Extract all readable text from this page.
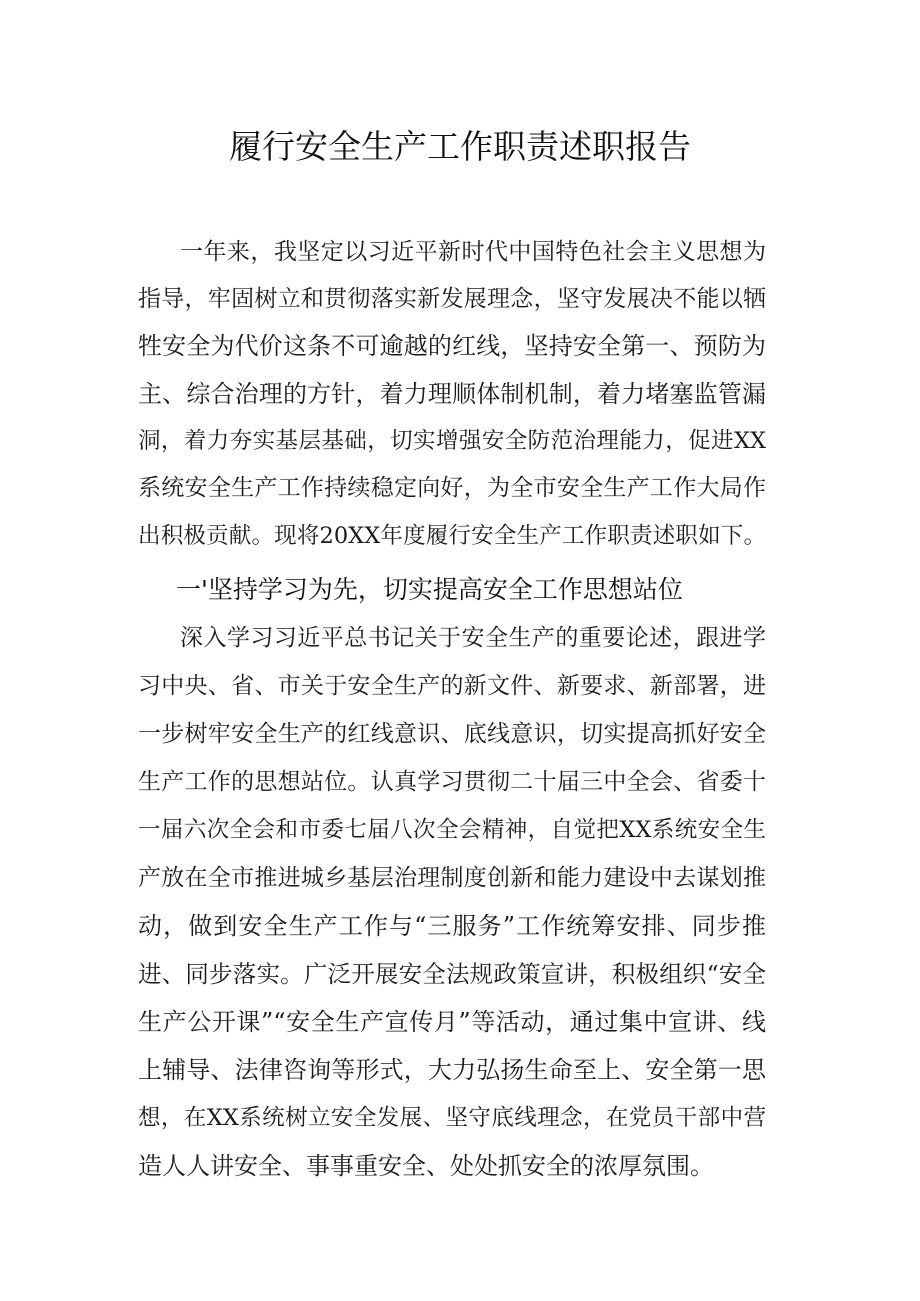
履行安全生产工作职责述职报告
一年来，我坚定以习近平新时代中国特色社会主义思想为
指导，牢固树立和贯彻落实新发展理念，坚守发展决不能以牺
牲安全为代价这条不可逾越的红线，坚持安全第一、预防为
主、综合治理的方针，着力理顺体制机制，着力堵塞监管漏
洞，着力夯实基层基础，切实增强安全防范治理能力，促进XX
系统安全生产工作持续稳定向好，为全市安全生产工作大局作
出积极贡献。现将20XX年度履行安全生产工作职责述职如下。
一'坚持学习为先，切实提高安全工作思想站位
深入学习习近平总书记关于安全生产的重要论述，跟进学
习中央、省、市关于安全生产的新文件、新要求、新部署，进
一步树牢安全生产的红线意识、底线意识，切实提高抓好安全
生产工作的思想站位。认真学习贯彻二十届三中全会、省委十
一届六次全会和市委七届八次全会精神，自觉把XX系统安全生
产放在全市推进城乡基层治理制度创新和能力建设中去谋划推
动，做到安全生产工作与“三服务”工作统筹安排、同步推
进、同步落实。广泛开展安全法规政策宣讲，积极组织“安全
生产公开课”“安全生产宣传月”等活动，通过集中宣讲、线
上辅导、法律咨询等形式，大力弘扬生命至上、安全第一思
想，在XX系统树立安全发展、坚守底线理念，在党员干部中营
造人人讲安全、事事重安全、处处抓安全的浓厚氛围。
